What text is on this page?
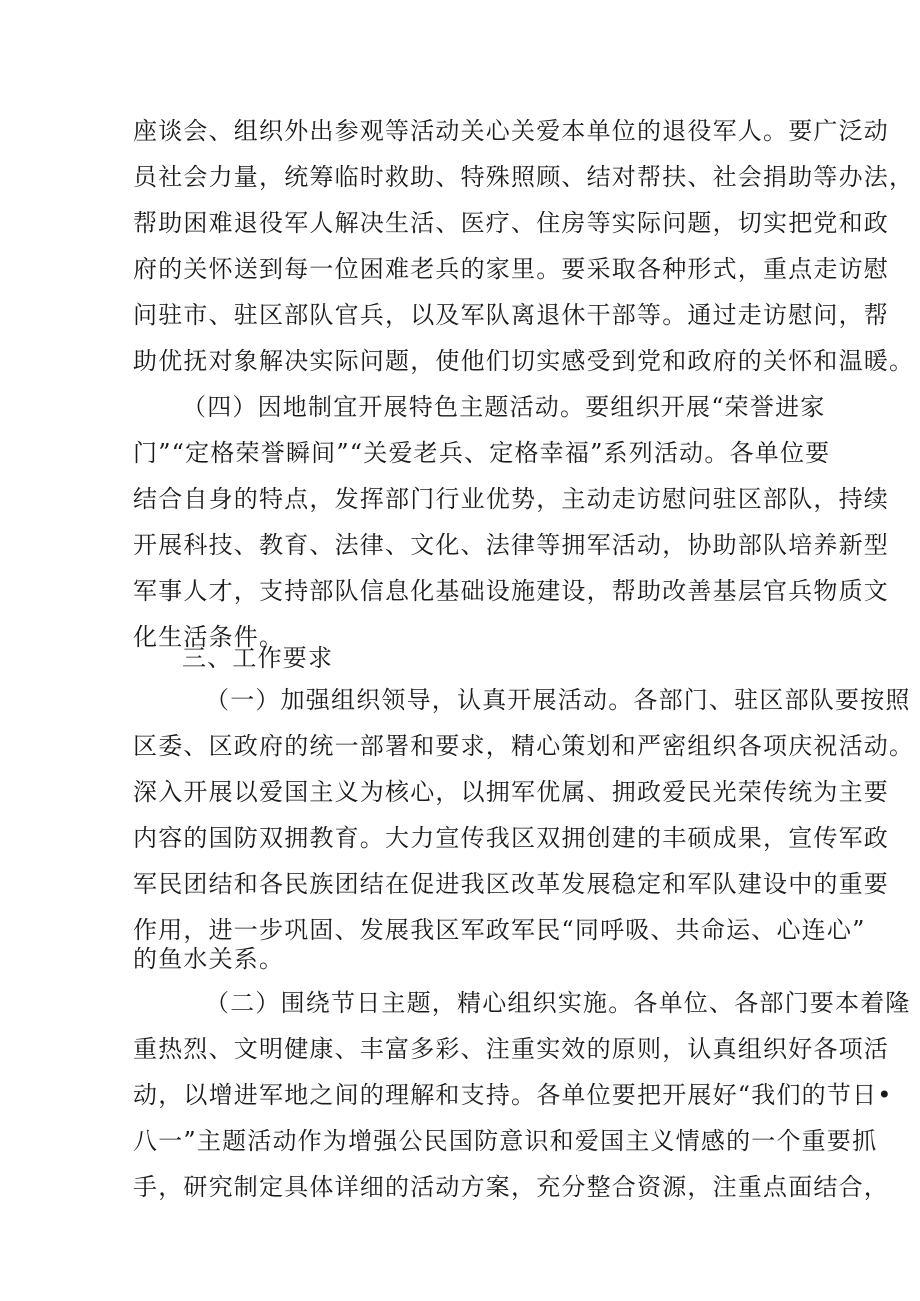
座谈会、组织外出参观等活动关心关爱本单位的退役军人。要广泛动
员社会力量，统筹临时救助、特殊照顾、结对帮扶、社会捐助等办法，
帮助困难退役军人解决生活、医疗、住房等实际问题，切实把党和政
府的关怀送到每一位困难老兵的家里。要采取各种形式，重点走访慰
问驻市、驻区部队官兵，以及军队离退休干部等。通过走访慰问，帮
助优抚对象解决实际问题，使他们切实感受到党和政府的关怀和温暖。
（四）因地制宜开展特色主题活动。要组织开展“荣誉进家
门”“定格荣誉瞬间”“关爱老兵、定格幸福”系列活动。各单位要
结合自身的特点，发挥部门行业优势，主动走访慰问驻区部队，持续
开展科技、教育、法律、文化、法律等拥军活动，协助部队培养新型
军事人才，支持部队信息化基础设施建设，帮助改善基层官兵物质文
化生活条件。
三、工作要求
（一）加强组织领导，认真开展活动。各部门、驻区部队要按照
区委、区政府的统一部署和要求，精心策划和严密组织各项庆祝活动。
深入开展以爱国主义为核心，以拥军优属、拥政爱民光荣传统为主要
内容的国防双拥教育。大力宣传我区双拥创建的丰硕成果，宣传军政
军民团结和各民族团结在促进我区改革发展稳定和军队建设中的重要
作用，进一步巩固、发展我区军政军民“同呼吸、共命运、心连心”
的鱼水关系。
（二）围绕节日主题，精心组织实施。各单位、各部门要本着隆
重热烈、文明健康、丰富多彩、注重实效的原则，认真组织好各项活
动，以增进军地之间的理解和支持。各单位要把开展好“我们的节日•
八一”主题活动作为增强公民国防意识和爱国主义情感的一个重要抓
手，研究制定具体详细的活动方案，充分整合资源，注重点面结合，
